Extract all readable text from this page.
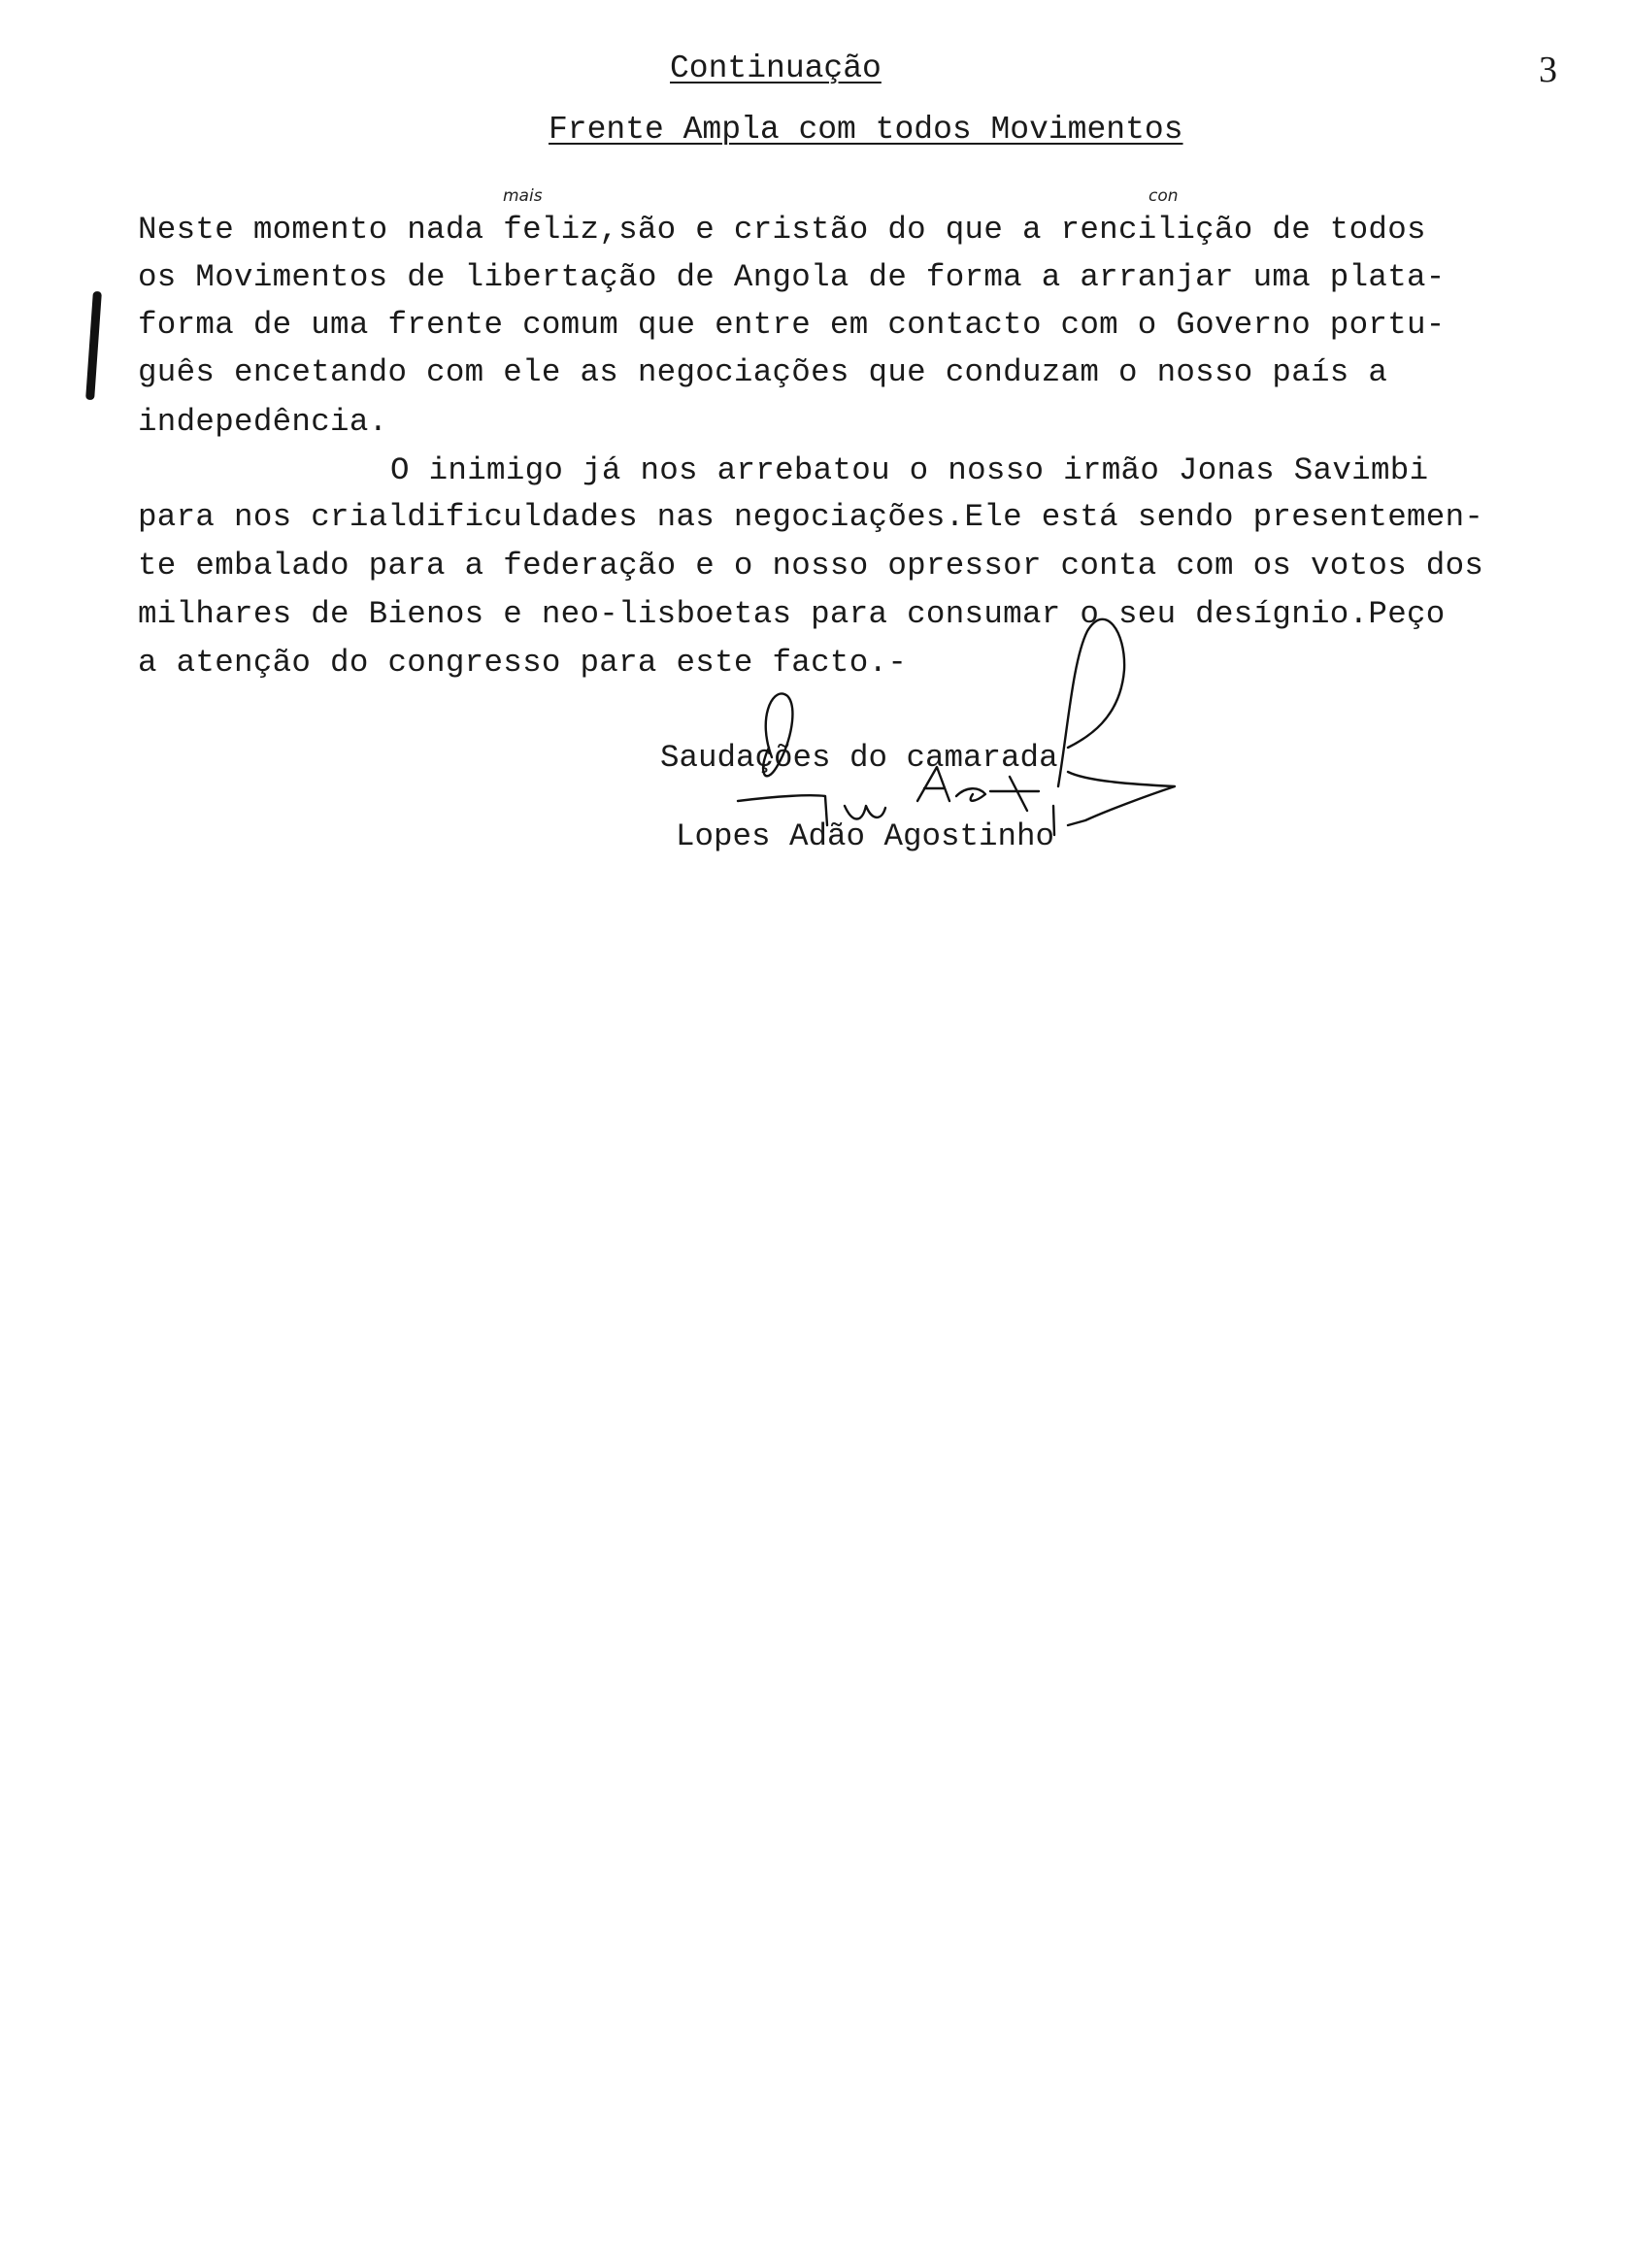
Continuação	3
Frente Ampla com todos Movimentos
mais	con
Neste momento nada feliz,são e cristão do que a rencilição de todos
os Movimentos de libertação de Angola de forma a arranjar uma plata-
forma de uma frente comum que entre em contacto com o Governo portu-
guês encetando com ele as negociações que conduzam o nosso país a
indepedência.
O inimigo já nos arrebatou o nosso irmão Jonas Savimbi
para nos crialdificuldades nas negociações.Ele está sendo presentemen-
te embalado para a federação e o nosso opressor conta com os votos dos
milhares de Bienos e neo-lisboetas para consumar o seu desígnio.Peço
a atenção do congresso para este facto.-
Saudações do camarada
Lopes Adão Agostinho
